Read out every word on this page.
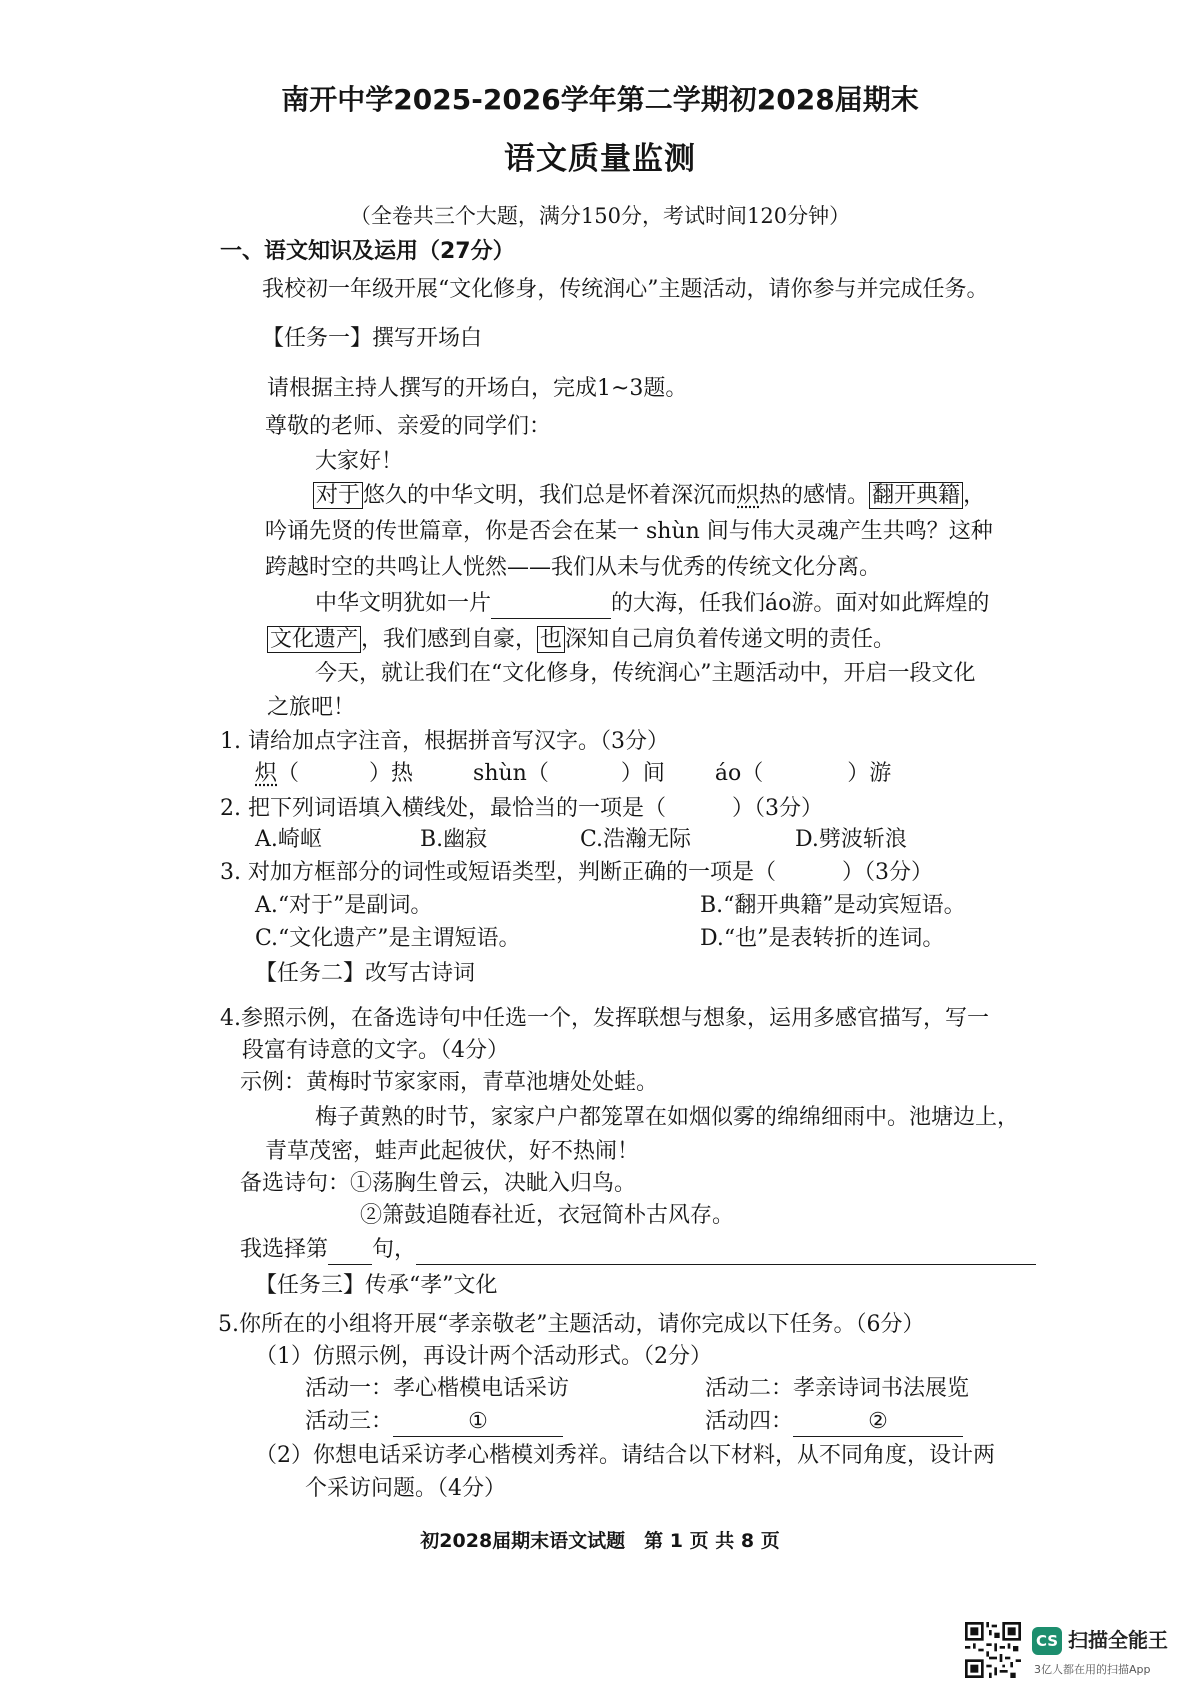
南开中学2025-2026学年第二学期初2028届期末
语文质量监测
（全卷共三个大题，满分150分，考试时间120分钟）
一、语文知识及运用（27分）
我校初一年级开展“文化修身，传统润心”主题活动，请你参与并完成任务。
【任务一】撰写开场白
请根据主持人撰写的开场白，完成1~3题。
尊敬的老师、亲爱的同学们：
大家好！
对于 悠久的中华文明，我们总是怀着深沉而炽热的感情。 翻开典籍 ，
吟诵先贤的传世篇章，你是否会在某一 shùn 间与伟大灵魂产生共鸣？这种
跨越时空的共鸣让人恍然——我们从未与优秀的传统文化分离。
中华文明犹如一片	的大海，任我们áo游。面对如此辉煌的
文化遗产 ，我们感到自豪， 也 深知自己肩负着传递文明的责任。
今天，就让我们在“文化修身，传统润心”主题活动中，开启一段文化
之旅吧！
1. 请给加点字注音，根据拼音写汉字。（3分）
炽（	）热	shùn（	）间 áo（	）游
2. 把下列词语填入横线处，最恰当的一项是（　　　）（3分）
A.崎岖	B.幽寂	C.浩瀚无际	D.劈波斩浪
3. 对加方框部分的词性或短语类型，判断正确的一项是（　　　）（3分）
A.“对于”是副词。	B.“翻开典籍”是动宾短语。
C.“文化遗产”是主谓短语。	D.“也”是表转折的连词。
【任务二】改写古诗词
4.参照示例，在备选诗句中任选一个，发挥联想与想象，运用多感官描写，写一
段富有诗意的文字。（4分）
示例：黄梅时节家家雨，青草池塘处处蛙。
梅子黄熟的时节，家家户户都笼罩在如烟似雾的绵绵细雨中。池塘边上，
青草茂密，蛙声此起彼伏，好不热闹！
备选诗句：①荡胸生曾云，决眦入归鸟。
②箫鼓追随春社近，衣冠简朴古风存。
我选择第 句，
【任务三】传承“孝”文化
5.你所在的小组将开展“孝亲敬老”主题活动，请你完成以下任务。（6分）
（1）仿照示例，再设计两个活动形式。（2分）
活动一：孝心楷模电话采访	活动二：孝亲诗词书法展览
活动三：	①	活动四：	②
（2）你想电话采访孝心楷模刘秀祥。请结合以下材料，从不同角度，设计两
个采访问题。（4分）
初2028届期末语文试题　第 1 页 共 8 页
CS 扫描全能王
3亿人都在用的扫描App
